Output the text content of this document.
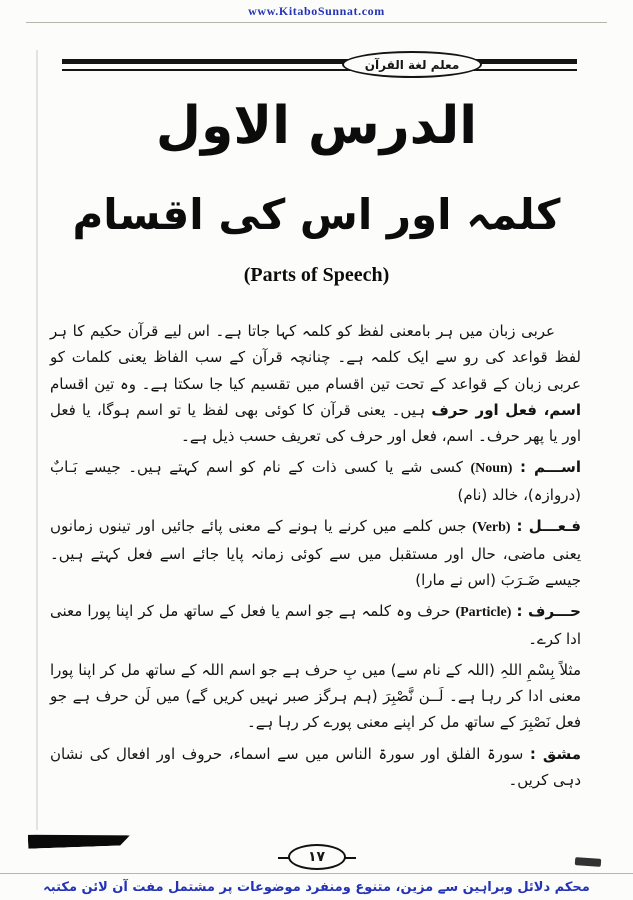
www.KitaboSunnat.com
معلم لغة القرآن
الدرس الاول
کلمہ اور اس کی اقسام
(Parts of Speech)

عربی زبان میں ہر بامعنی لفظ کو کلمہ کہا جاتا ہے۔ اس لیے قرآن حکیم کا ہر لفظ قواعد کی رو سے ایک کلمہ ہے۔ چنانچہ قرآن کے سب الفاظ یعنی کلمات کو عربی زبان کے قواعد کے تحت تین اقسام میں تقسیم کیا جا سکتا ہے۔ وہ تین اقسام اسم، فعل اور حرف ہیں۔ یعنی قرآن کا کوئی بھی لفظ یا تو اسم ہوگا، یا فعل اور یا پھر حرف۔ اسم، فعل اور حرف کی تعریف حسب ذیل ہے۔

اســـم : (Noun) کسی شے یا کسی ذات کے نام کو اسم کہتے ہیں۔ جیسے بَـابٌ (دروازہ)، خالد (نام)

فـعـــل : (Verb) جس کلمے میں کرنے یا ہونے کے معنی پائے جائیں اور تینوں زمانوں یعنی ماضی، حال اور مستقبل میں سے کوئی زمانہ پایا جائے اسے فعل کہتے ہیں۔ جیسے ضَـرَبَ (اس نے مارا)

حـــرف : (Particle) حرف وہ کلمہ ہے جو اسم یا فعل کے ساتھ مل کر اپنا پورا معنی ادا کرے۔

مثلاً بِسْمِ اللہِ (اللہ کے نام سے) میں بِ حرف ہے جو اسم اللہ کے ساتھ مل کر اپنا پورا معنی ادا کر رہا ہے۔ لَــن نَّصْبِرَ (ہم ہرگز صبر نہیں کریں گے) میں لَن حرف ہے جو فعل نَصْبِرَ کے ساتھ مل کر اپنے معنی پورے کر رہا ہے۔

مشق : سورۃ الفلق اور سورۃ الناس میں سے اسماء، حروف اور افعال کی نشان دہی کریں۔

۱۷
محکم دلائل وبراہین سے مزین، متنوع ومنفرد موضوعات پر مشتمل مفت آن لائن مکتبہ
